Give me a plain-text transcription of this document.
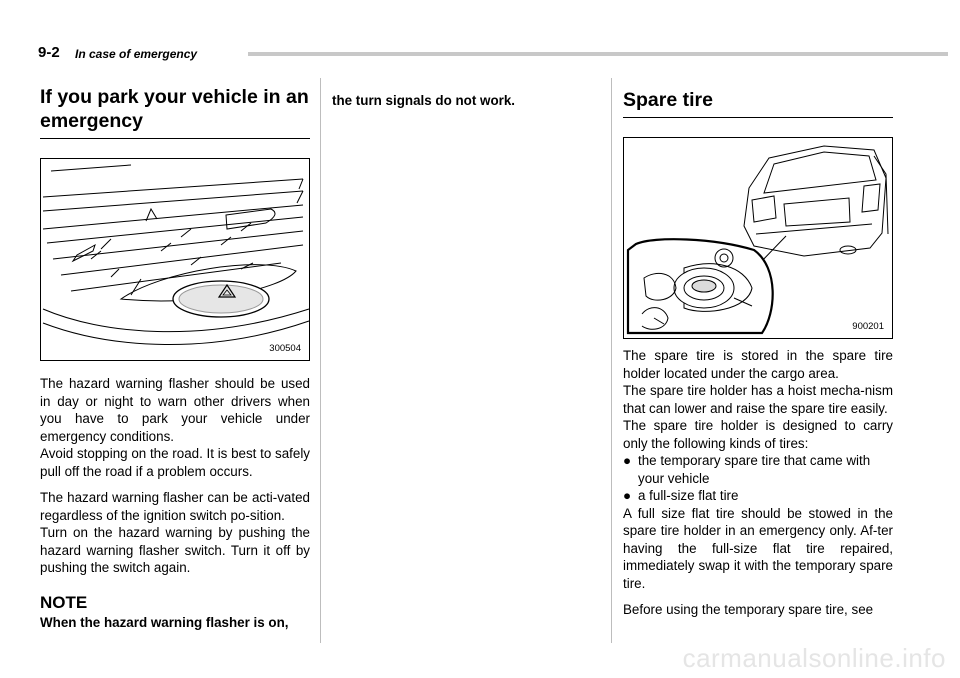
9-2 In case of emergency
If you park your vehicle in an emergency
300504

The hazard warning flasher should be used in day or night to warn other drivers when you have to park your vehicle under emergency conditions.

Avoid stopping on the road. It is best to safely pull off the road if a problem occurs.

The hazard warning flasher can be acti-vated regardless of the ignition switch po-sition.

Turn on the hazard warning by pushing the hazard warning flasher switch. Turn it off by pushing the switch again.

NOTE

When the hazard warning flasher is on,

the turn signals do not work.	Spare tire
900201

The spare tire is stored in the spare tire holder located under the cargo area.

The spare tire holder has a hoist mecha-nism that can lower and raise the spare tire easily.

The spare tire holder is designed to carry only the following kinds of tires:

● the temporary spare tire that came with your vehicle
● a full-size flat tire

A full size flat tire should be stowed in the spare tire holder in an emergency only. Af-ter having the full-size flat tire repaired, immediately swap it with the temporary spare tire.

Before using the temporary spare tire, see

carmanualsonline.info
